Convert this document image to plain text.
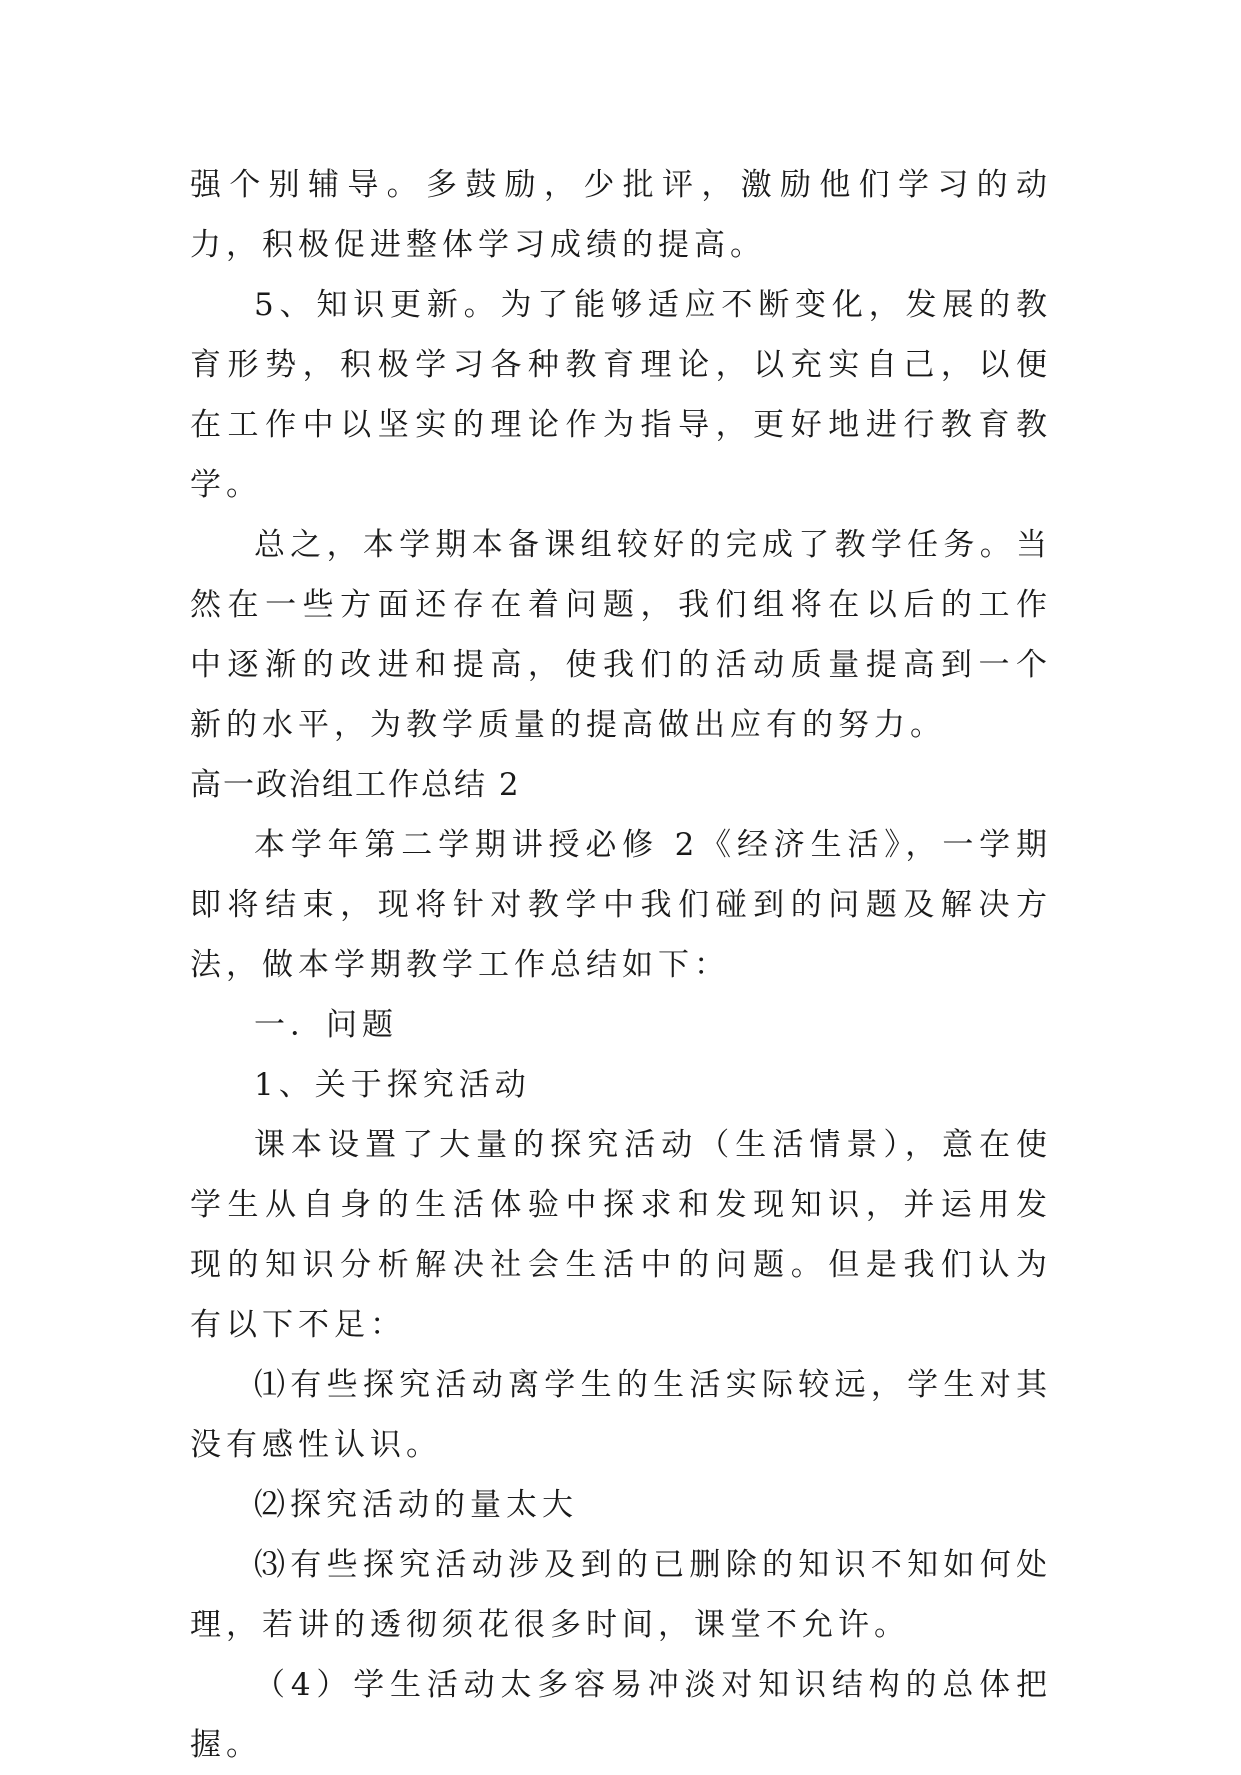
强个别辅导。多鼓励，少批评，激励他们学习的动力，积极促进整体学习成绩的提高。

5、知识更新。为了能够适应不断变化，发展的教育形势，积极学习各种教育理论，以充实自己，以便在工作中以坚实的理论作为指导，更好地进行教育教学。

总之，本学期本备课组较好的完成了教学任务。当然在一些方面还存在着问题，我们组将在以后的工作中逐渐的改进和提高，使我们的活动质量提高到一个新的水平，为教学质量的提高做出应有的努力。

高一政治组工作总结 2

本学年第二学期讲授必修 2《经济生活》，一学期即将结束，现将针对教学中我们碰到的问题及解决方法，做本学期教学工作总结如下：

一．问题

1、关于探究活动

课本设置了大量的探究活动（生活情景），意在使学生从自身的生活体验中探求和发现知识，并运用发现的知识分析解决社会生活中的问题。但是我们认为有以下不足：

⑴有些探究活动离学生的生活实际较远，学生对其没有感性认识。

⑵探究活动的量太大

⑶有些探究活动涉及到的已删除的知识不知如何处理，若讲的透彻须花很多时间，课堂不允许。

（4）学生活动太多容易冲淡对知识结构的总体把握。
